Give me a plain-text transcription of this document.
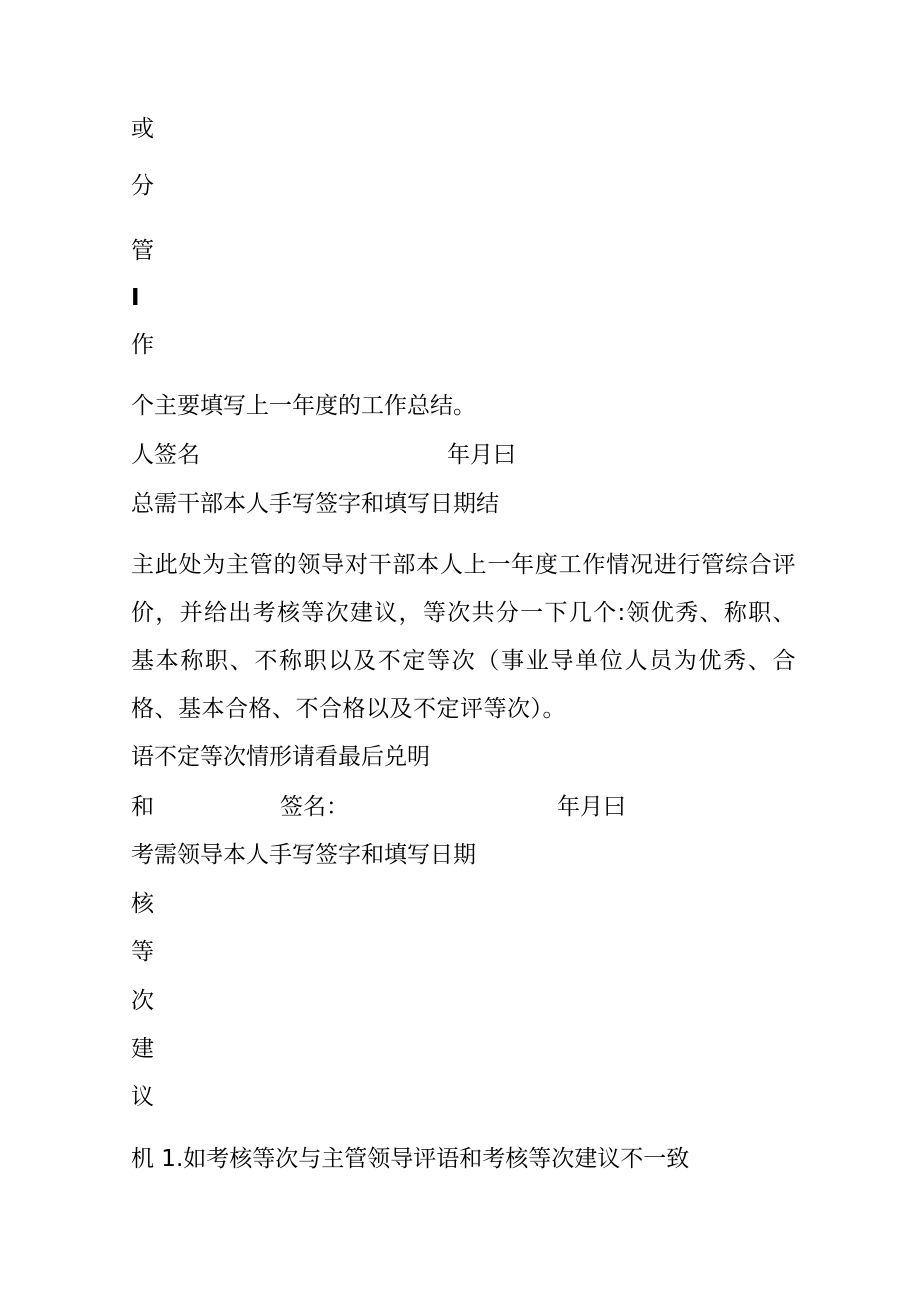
或

分

管

I

作

个主要填写上一年度的工作总结。

人签名	年月曰

总需干部本人手写签字和填写日期结

主此处为主管的领导对干部本人上一年度工作情况进行管综合评价，并给出考核等次建议，等次共分一下几个:领优秀、称职、基本称职、不称职以及不定等次（事业导单位人员为优秀、合格、基本合格、不合格以及不定评等次）。

语不定等次情形请看最后兑明

和	签名：	年月曰

考需领导本人手写签字和填写日期

核

等

次

建

议

机 1.如考核等次与主管领导评语和考核等次建议不一致
